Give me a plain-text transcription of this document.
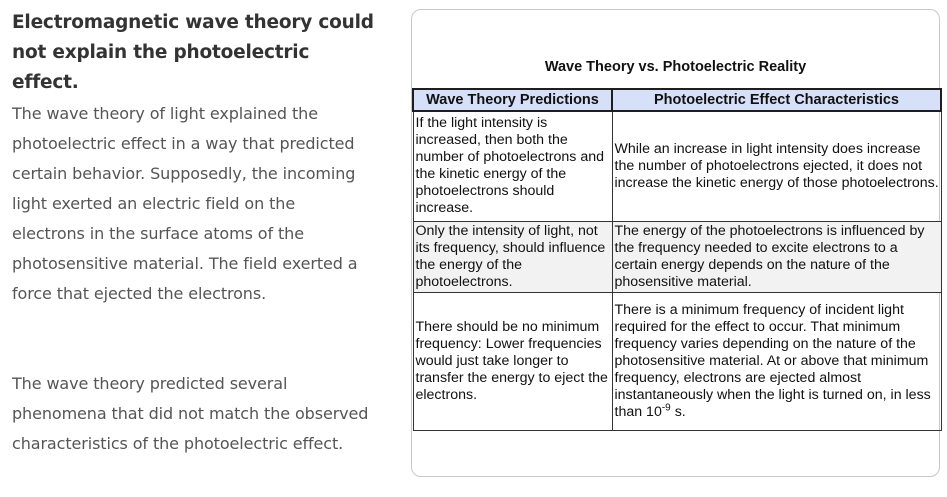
Electromagnetic wave theory could not explain the photoelectric effect.

The wave theory of light explained the photoelectric effect in a way that predicted certain behavior. Supposedly, the incoming light exerted an electric field on the electrons in the surface atoms of the photosensitive material. The field exerted a force that ejected the electrons.

The wave theory predicted several phenomena that did not match the observed characteristics of the photoelectric effect.

Wave Theory vs. Photoelectric Reality
Wave Theory Predictions	Photoelectric Effect Characteristics
If the light intensity is increased, then both the number of photoelectrons and the kinetic energy of the photoelectrons should increase.	While an increase in light intensity does increase the number of photoelectrons ejected, it does not increase the kinetic energy of those photoelectrons.
Only the intensity of light, not its frequency, should influence the energy of the photoelectrons.	The energy of the photoelectrons is influenced by the frequency needed to excite electrons to a certain energy depends on the nature of the phosensitive material.
There should be no minimum frequency: Lower frequencies would just take longer to transfer the energy to eject the electrons.	There is a minimum frequency of incident light required for the effect to occur. That minimum frequency varies depending on the nature of the photosensitive material. At or above that minimum frequency, electrons are ejected almost instantaneously when the light is turned on, in less than $10^{-9}$ s.
